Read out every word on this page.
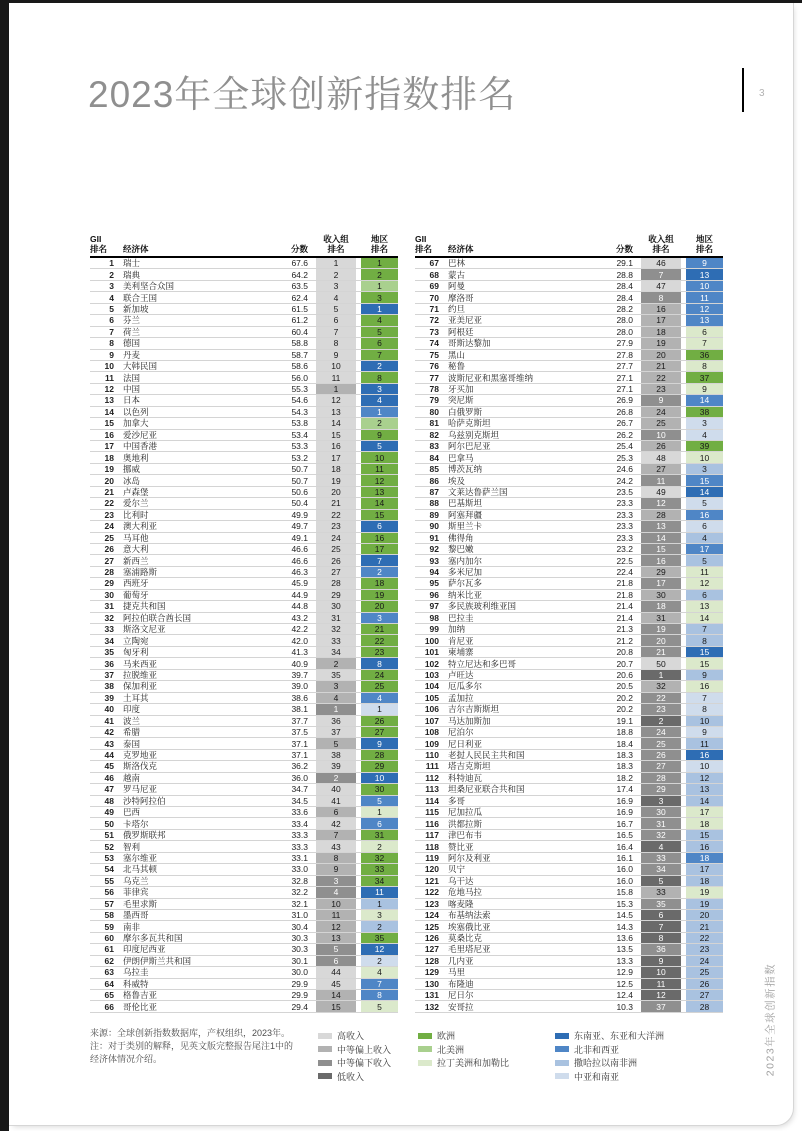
2023年全球创新指数排名	3
2023年全球创新指数
GII
排名	经济体	分数
收入组
排名
地区
排名
1	瑞士	67.6	1	1
2	瑞典	64.2	2	2
3	美利坚合众国	63.5	3	1
4	联合王国	62.4	4	3
5	新加坡	61.5	5	1
6	芬兰	61.2	6	4
7	荷兰	60.4	7	5
8	德国	58.8	8	6
9	丹麦	58.7	9	7
10	大韩民国	58.6	10	2
11	法国	56.0	11	8
12	中国	55.3	1	3
13	日本	54.6	12	4
14	以色列	54.3	13	1
15	加拿大	53.8	14	2
16	爱沙尼亚	53.4	15	9
17	中国香港	53.3	16	5
18	奥地利	53.2	17	10
19	挪威	50.7	18	11
20	冰岛	50.7	19	12
21	卢森堡	50.6	20	13
22	爱尔兰	50.4	21	14
23	比利时	49.9	22	15
24	澳大利亚	49.7	23	6
25	马耳他	49.1	24	16
26	意大利	46.6	25	17
27	新西兰	46.6	26	7
28	塞浦路斯	46.3	27	2
29	西班牙	45.9	28	18
30	葡萄牙	44.9	29	19
31	捷克共和国	44.8	30	20
32	阿拉伯联合酋长国	43.2	31	3
33	斯洛文尼亚	42.2	32	21
34	立陶宛	42.0	33	22
35	匈牙利	41.3	34	23
36	马来西亚	40.9	2	8
37	拉脱维亚	39.7	35	24
38	保加利亚	39.0	3	25
39	土耳其	38.6	4	4
40	印度	38.1	1	1
41	波兰	37.7	36	26
42	希腊	37.5	37	27
43	泰国	37.1	5	9
44	克罗地亚	37.1	38	28
45	斯洛伐克	36.2	39	29
46	越南	36.0	2	10
47	罗马尼亚	34.7	40	30
48	沙特阿拉伯	34.5	41	5
49	巴西	33.6	6	1
50	卡塔尔	33.4	42	6
51	俄罗斯联邦	33.3	7	31
52	智利	33.3	43	2
53	塞尔维亚	33.1	8	32
54	北马其顿	33.0	9	33
55	乌克兰	32.8	3	34
56	菲律宾	32.2	4	11
57	毛里求斯	32.1	10	1
58	墨西哥	31.0	11	3
59	南非	30.4	12	2
60	摩尔多瓦共和国	30.3	13	35
61	印度尼西亚	30.3	5	12
62	伊朗伊斯兰共和国	30.1	6	2
63	乌拉圭	30.0	44	4
64	科威特	29.9	45	7
65	格鲁吉亚	29.9	14	8
66	哥伦比亚	29.4	15	5
GII
排名	经济体	分数
收入组
排名
地区
排名
67	巴林	29.1	46	9
68	蒙古	28.8	7	13
69	阿曼	28.4	47	10
70	摩洛哥	28.4	8	11
71	约旦	28.2	16	12
72	亚美尼亚	28.0	17	13
73	阿根廷	28.0	18	6
74	哥斯达黎加	27.9	19	7
75	黑山	27.8	20	36
76	秘鲁	27.7	21	8
77	波斯尼亚和黑塞哥维纳	27.1	22	37
78	牙买加	27.1	23	9
79	突尼斯	26.9	9	14
80	白俄罗斯	26.8	24	38
81	哈萨克斯坦	26.7	25	3
82	乌兹别克斯坦	26.2	10	4
83	阿尔巴尼亚	25.4	26	39
84	巴拿马	25.3	48	10
85	博茨瓦纳	24.6	27	3
86	埃及	24.2	11	15
87	文莱达鲁萨兰国	23.5	49	14
88	巴基斯坦	23.3	12	5
89	阿塞拜疆	23.3	28	16
90	斯里兰卡	23.3	13	6
91	佛得角	23.3	14	4
92	黎巴嫩	23.2	15	17
93	塞内加尔	22.5	16	5
94	多米尼加	22.4	29	11
95	萨尔瓦多	21.8	17	12
96	纳米比亚	21.8	30	6
97	多民族玻利维亚国	21.4	18	13
98	巴拉圭	21.4	31	14
99	加纳	21.3	19	7
100	肯尼亚	21.2	20	8
101	柬埔寨	20.8	21	15
102	特立尼达和多巴哥	20.7	50	15
103	卢旺达	20.6	1	9
104	厄瓜多尔	20.5	32	16
105	孟加拉	20.2	22	7
106	吉尔吉斯斯坦	20.2	23	8
107	马达加斯加	19.1	2	10
108	尼泊尔	18.8	24	9
109	尼日利亚	18.4	25	11
110	老挝人民民主共和国	18.3	26	16
111	塔吉克斯坦	18.3	27	10
112	科特迪瓦	18.2	28	12
113	坦桑尼亚联合共和国	17.4	29	13
114	多哥	16.9	3	14
115	尼加拉瓜	16.9	30	17
116	洪都拉斯	16.7	31	18
117	津巴布韦	16.5	32	15
118	赞比亚	16.4	4	16
119	阿尔及利亚	16.1	33	18
120	贝宁	16.0	34	17
121	乌干达	16.0	5	18
122	危地马拉	15.8	33	19
123	喀麦隆	15.3	35	19
124	布基纳法索	14.5	6	20
125	埃塞俄比亚	14.3	7	21
126	莫桑比克	13.6	8	22
127	毛里塔尼亚	13.5	36	23
128	几内亚	13.3	9	24
129	马里	12.9	10	25
130	布隆迪	12.5	11	26
131	尼日尔	12.4	12	27
132	安哥拉	10.3	37	28
来源：全球创新指数数据库，产权组织，2023年。
注：对于类别的解释，见英文版完整报告尾注1中的
经济体情况介绍。
高收入
中等偏上收入
中等偏下收入
低收入
欧洲
北美洲
拉丁美洲和加勒比
东南亚、东亚和大洋洲
北非和西亚
撒哈拉以南非洲
中亚和南亚
